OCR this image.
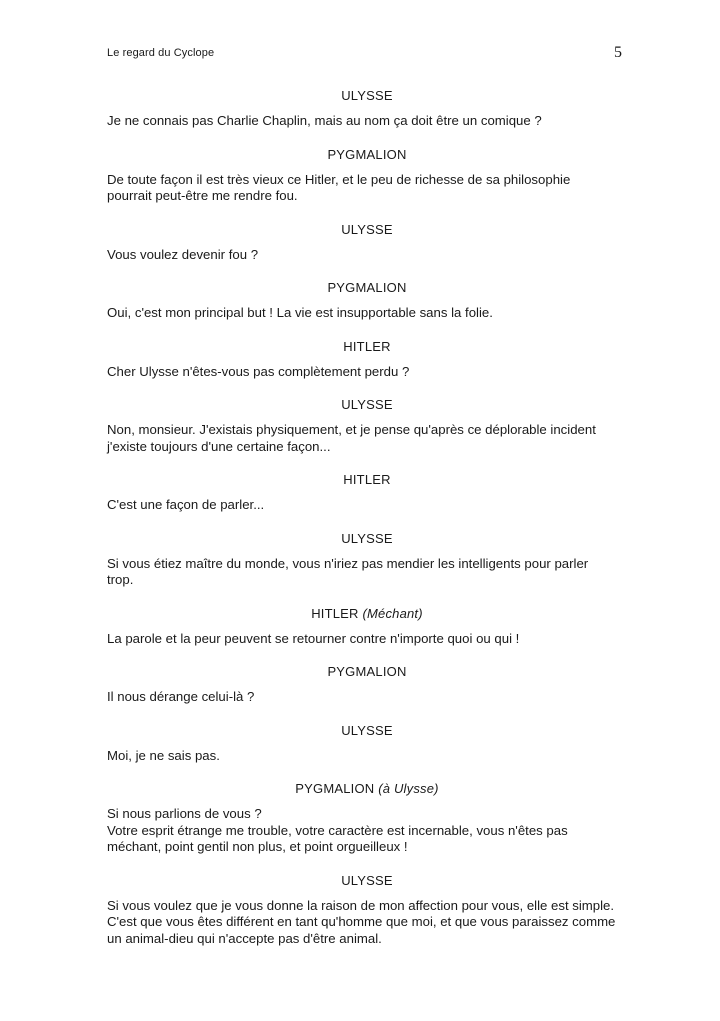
Le regard du Cyclope	5
ULYSSE
Je ne connais pas Charlie Chaplin, mais au nom ça doit être un comique ?
PYGMALION
De toute façon il est très vieux ce Hitler, et le peu de richesse de sa philosophie
pourrait peut-être me rendre fou.
ULYSSE
Vous voulez devenir fou ?
PYGMALION
Oui, c'est mon principal but ! La vie est insupportable sans la folie.
HITLER
Cher Ulysse n'êtes-vous pas complètement perdu ?
ULYSSE
Non, monsieur. J'existais physiquement, et je pense qu'après ce déplorable incident
j'existe toujours d'une certaine façon...
HITLER
C'est une façon de parler...
ULYSSE
Si vous étiez maître du monde, vous n'iriez pas mendier les intelligents pour parler
trop.
HITLER (Méchant)
La parole et la peur peuvent se retourner contre n'importe quoi ou qui !
PYGMALION
Il nous dérange celui-là ?
ULYSSE
Moi, je ne sais pas.
PYGMALION (à Ulysse)
Si nous parlions de vous ?
Votre esprit étrange me trouble, votre caractère est incernable, vous n'êtes pas
méchant, point gentil non plus, et point orgueilleux !
ULYSSE
Si vous voulez que je vous donne la raison de mon affection pour vous, elle est simple.
C'est que vous êtes différent en tant qu'homme que moi, et que vous paraissez comme
un animal-dieu qui n'accepte pas d'être animal.
